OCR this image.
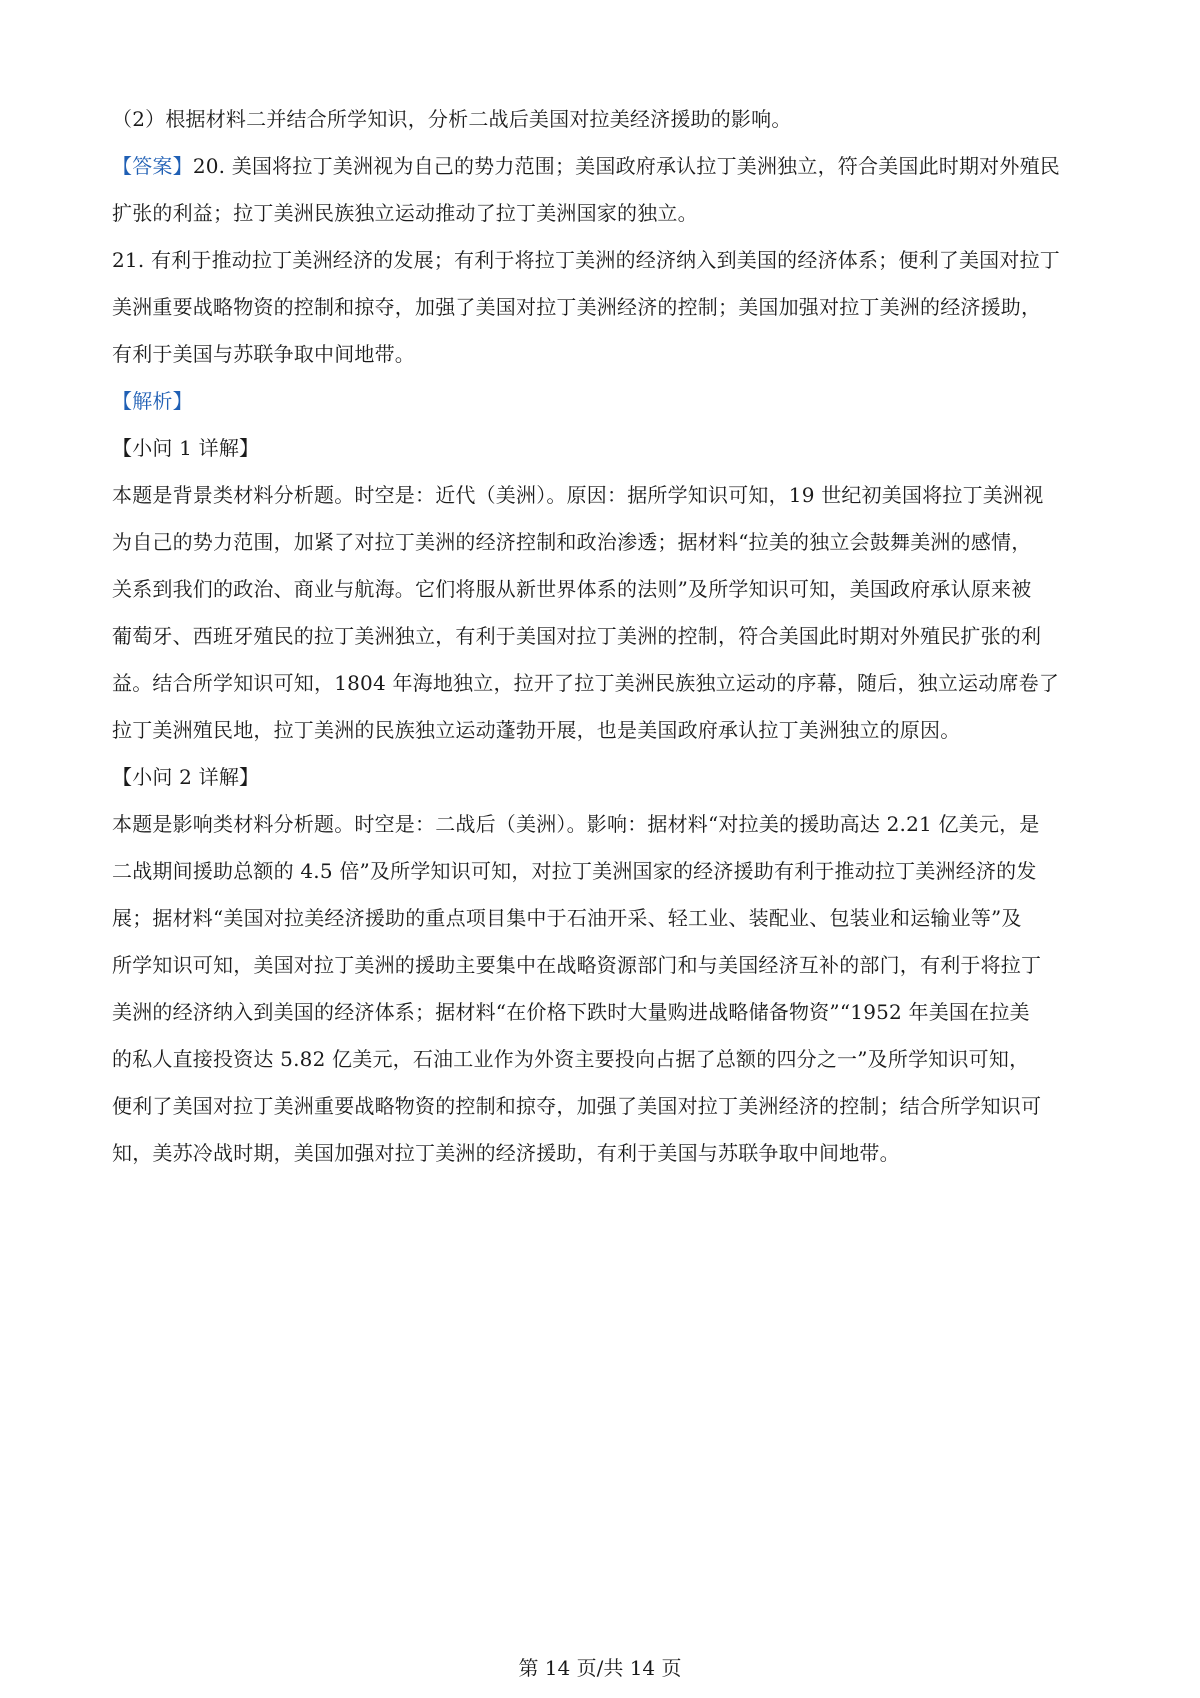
（2）根据材料二并结合所学知识，分析二战后美国对拉美经济援助的影响。
【答案】20. 美国将拉丁美洲视为自己的势力范围；美国政府承认拉丁美洲独立，符合美国此时期对外殖民
扩张的利益；拉丁美洲民族独立运动推动了拉丁美洲国家的独立。
21. 有利于推动拉丁美洲经济的发展；有利于将拉丁美洲的经济纳入到美国的经济体系；便利了美国对拉丁
美洲重要战略物资的控制和掠夺，加强了美国对拉丁美洲经济的控制；美国加强对拉丁美洲的经济援助，
有利于美国与苏联争取中间地带。
【解析】
【小问 1 详解】
本题是背景类材料分析题。时空是：近代（美洲）。原因：据所学知识可知，19 世纪初美国将拉丁美洲视
为自己的势力范围，加紧了对拉丁美洲的经济控制和政治渗透；据材料“拉美的独立会鼓舞美洲的感情，
关系到我们的政治、商业与航海。它们将服从新世界体系的法则”及所学知识可知，美国政府承认原来被
葡萄牙、西班牙殖民的拉丁美洲独立，有利于美国对拉丁美洲的控制，符合美国此时期对外殖民扩张的利
益。结合所学知识可知，1804 年海地独立，拉开了拉丁美洲民族独立运动的序幕，随后，独立运动席卷了
拉丁美洲殖民地，拉丁美洲的民族独立运动蓬勃开展，也是美国政府承认拉丁美洲独立的原因。
【小问 2 详解】
本题是影响类材料分析题。时空是：二战后（美洲）。影响：据材料“对拉美的援助高达 2.21 亿美元，是
二战期间援助总额的 4.5 倍”及所学知识可知，对拉丁美洲国家的经济援助有利于推动拉丁美洲经济的发
展；据材料“美国对拉美经济援助的重点项目集中于石油开采、轻工业、装配业、包装业和运输业等”及
所学知识可知，美国对拉丁美洲的援助主要集中在战略资源部门和与美国经济互补的部门，有利于将拉丁
美洲的经济纳入到美国的经济体系；据材料“在价格下跌时大量购进战略储备物资”“1952 年美国在拉美
的私人直接投资达 5.82 亿美元，石油工业作为外资主要投向占据了总额的四分之一”及所学知识可知，
便利了美国对拉丁美洲重要战略物资的控制和掠夺，加强了美国对拉丁美洲经济的控制；结合所学知识可
知，美苏冷战时期，美国加强对拉丁美洲的经济援助，有利于美国与苏联争取中间地带。
第 14 页/共 14 页
